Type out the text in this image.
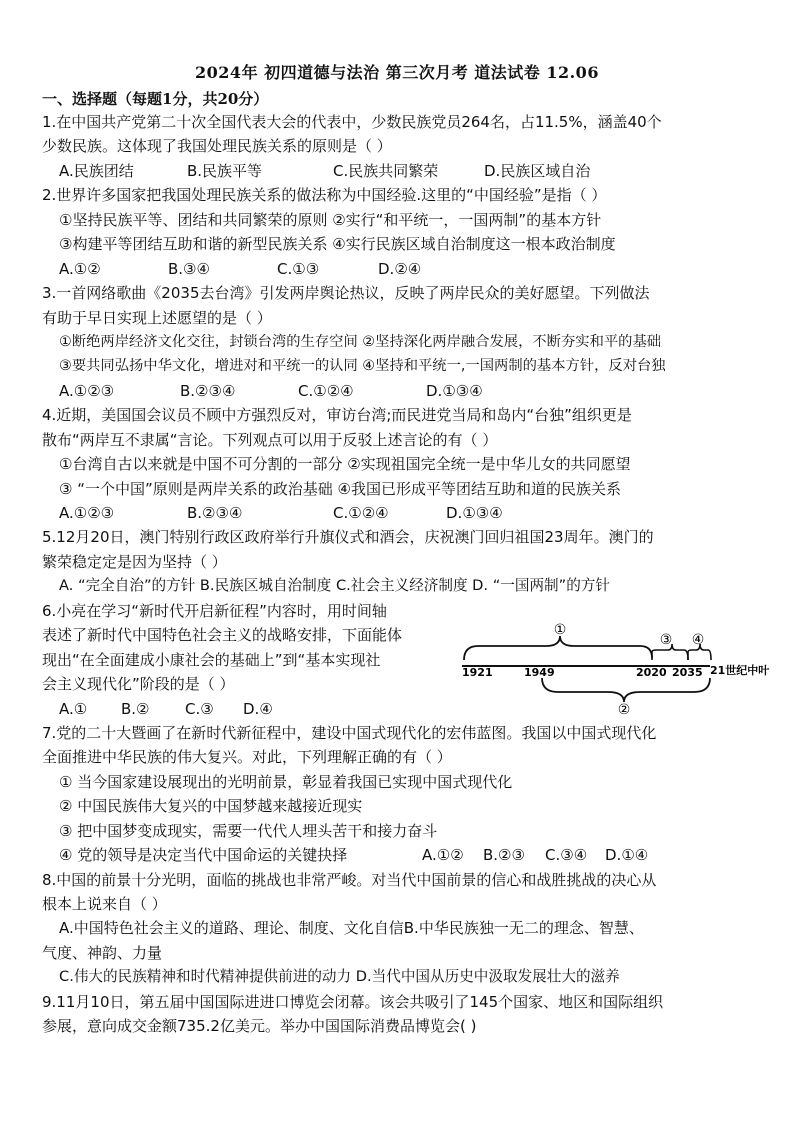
2024年 初四道德与法治 第三次月考 道法试卷 12.06
一、选择题（每题1分，共20分）
1.在中国共产党第二十次全国代表大会的代表中，少数民族党员264名，占11.5%，涵盖40个
少数民族。这体现了我国处理民族关系的原则是（ ）
A.民族团结	B.民族平等	C.民族共同繁荣	D.民族区域自治
2.世界许多国家把我国处理民族关系的做法称为中国经验.这里的“中国经验”是指（ ）
①坚持民族平等、团结和共同繁荣的原则 ②实行“和平统一，一国两制”的基本方针
③构建平等团结互助和谐的新型民族关系 ④实行民族区域自治制度这一根本政治制度
A.①②	B.③④	C.①③	D.②④
3.一首网络歌曲《2035去台湾》引发两岸舆论热议，反映了两岸民众的美好愿望。下列做法
有助于早日实现上述愿望的是（ ）
①断绝两岸经济文化交往，封锁台湾的生存空间 ②坚持深化两岸融合发展，不断夯实和平的基础
③要共同弘扬中华文化，增进对和平统一的认同 ④坚持和平统一,一国两制的基本方针，反对台独
A.①②③	B.②③④	C.①②④	D.①③④
4.近期，美国国会议员不顾中方强烈反对，审访台湾;而民进党当局和岛内“台独”组织更是
散布“两岸互不隶属“言论。下列观点可以用于反驳上述言论的有（ ）
①台湾自古以来就是中国不可分割的一部分 ②实现祖国完全统一是中华儿女的共同愿望
③ “一个中国”原则是两岸关系的政治基础 ④我国已形成平等团结互助和道的民族关系
A.①②③	B.②③④	C.①②④	D.①③④
5.12月20日，澳门特别行政区政府举行升旗仪式和酒会，庆祝澳门回归祖国23周年。澳门的
繁荣稳定定是因为坚持（ ）
A. “完全自治”的方针 B.民族区城自治制度 C.社会主义经济制度 D. “一国两制”的方针
6.小亮在学习“新时代开启新征程”内容时，用时间轴
表述了新时代中国特色社会主义的战略安排，下面能体
现出“在全面建成小康社会的基础上”到“基本实现社
会主义现代化”阶段的是（ ）
A.① B.② C.③ D.④
7.党的二十大暨画了在新时代新征程中，建设中国式现代化的宏伟蓝图。我国以中国式现代化
全面推进中华民族的伟大复兴。对此，下列理解正确的有（ ）
① 当今国家建设展现出的光明前景，彰显着我国已实现中国式现代化
② 中国民族伟大复兴的中国梦越来越接近现实
③ 把中国梦变成现实，需要一代代人埋头苦干和接力奋斗
④ 党的领导是决定当代中国命运的关键抉择	A.①② B.②③ C.③④ D.①④
8.中国的前景十分光明，面临的挑战也非常严峻。对当代中国前景的信心和战胜挑战的决心从
根本上说来自（ ）
A.中国特色社会主义的道路、理论、制度、文化自信B.中华民族独一无二的理念、智慧、
气度、神韵、力量
C.伟大的民族精神和时代精神提供前进的动力 D.当代中国从历史中汲取发展壮大的滋养
9.11月10日，第五届中国国际进进口博览会闭幕。该会共吸引了145个国家、地区和国际组织
参展，意向成交金额735.2亿美元。举办中国国际消费品博览会( )
①
②
③ ④
1921	1949	2020 2035 21世纪中叶
